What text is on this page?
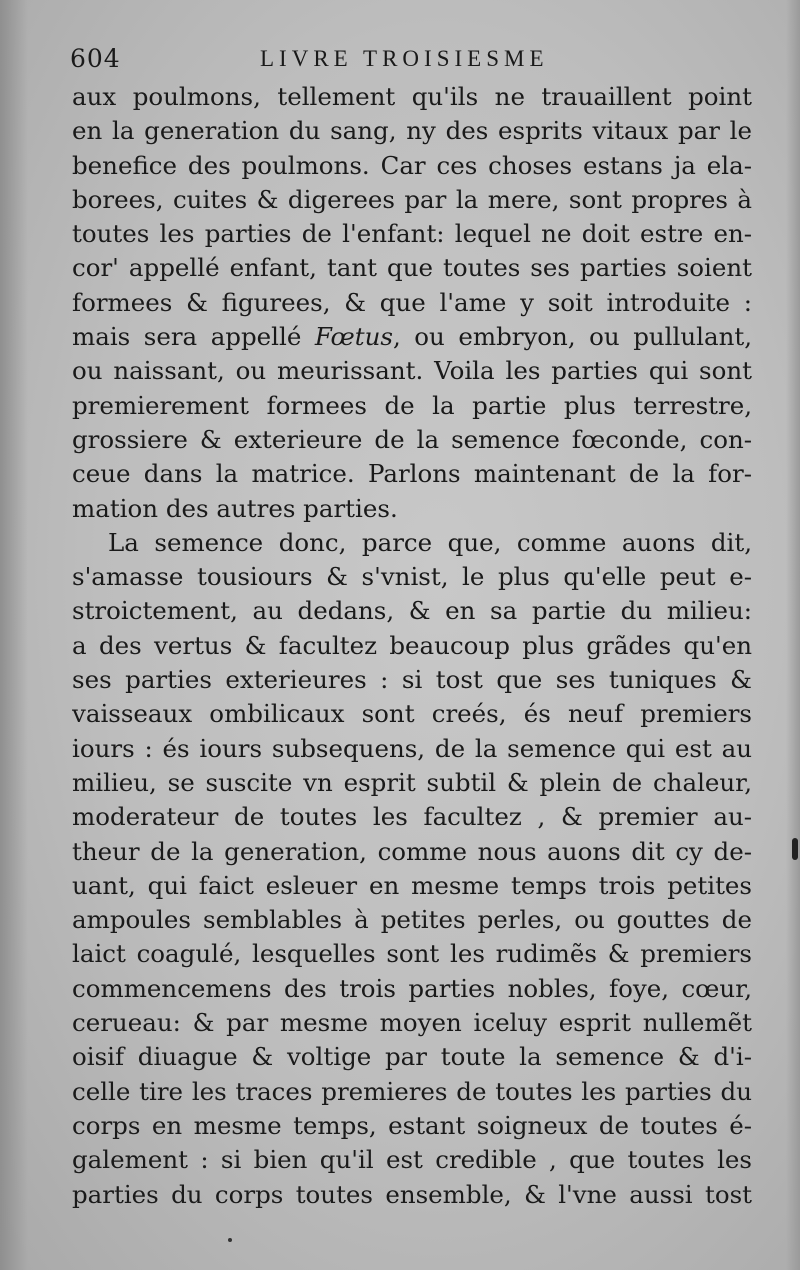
604	LIVRE TROISIESME
aux poulmons, tellement qu'ils ne trauaillent point
en la generation du sang, ny des esprits vitaux par le
benefice des poulmons. Car ces choses estans ja ela-
borees, cuites & digerees par la mere, sont propres à
toutes les parties de l'enfant: lequel ne doit estre en-
cor' appellé enfant, tant que toutes ses parties soient
formees & figurees, & que l'ame y soit introduite :
mais sera appellé Fœtus, ou embryon, ou pullulant,
ou naissant, ou meurissant. Voila les parties qui sont
premierement formees de la partie plus terrestre,
grossiere & exterieure de la semence fœconde, con-
ceue dans la matrice. Parlons maintenant de la for-
mation des autres parties.
La semence donc, parce que, comme auons dit,
s'amasse tousiours & s'vnist, le plus qu'elle peut e-
stroictement, au dedans, & en sa partie du milieu:
a des vertus & facultez beaucoup plus grãdes qu'en
ses parties exterieures : si tost que ses tuniques &
vaisseaux ombilicaux sont creés, és neuf premiers
iours : és iours subsequens, de la semence qui est au
milieu, se suscite vn esprit subtil & plein de chaleur,
moderateur de toutes les facultez , & premier au-
theur de la generation, comme nous auons dit cy de-
uant, qui faict esleuer en mesme temps trois petites
ampoules semblables à petites perles, ou gouttes de
laict coagulé, lesquelles sont les rudimẽs & premiers
commencemens des trois parties nobles, foye, cœur,
cerueau: & par mesme moyen iceluy esprit nullemẽt
oisif diuague & voltige par toute la semence & d'i-
celle tire les traces premieres de toutes les parties du
corps en mesme temps, estant soigneux de toutes é-
galement : si bien qu'il est credible , que toutes les
parties du corps toutes ensemble, & l'vne aussi tost
